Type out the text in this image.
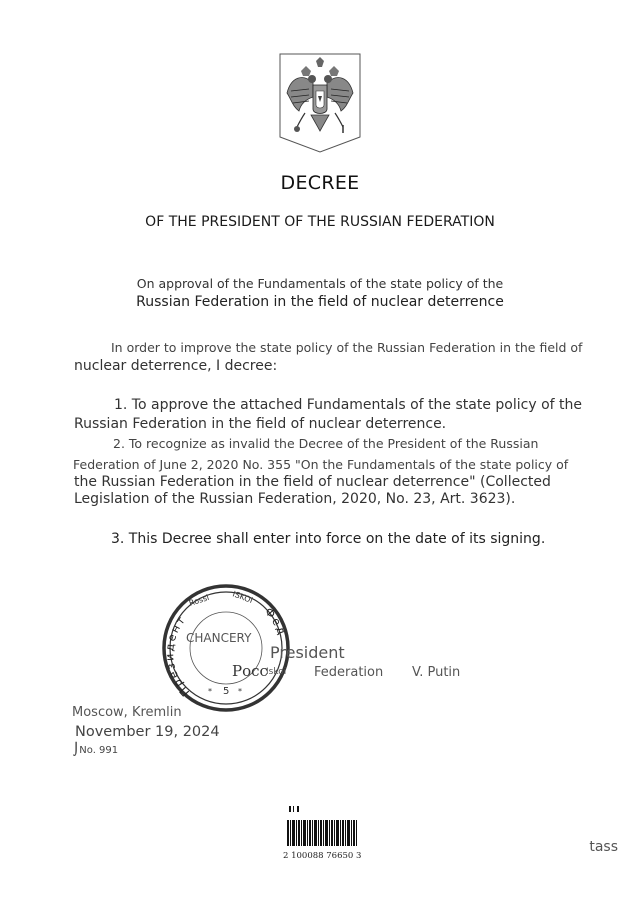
DECREE
OF THE PRESIDENT OF THE RUSSIAN FEDERATION
On approval of the Fundamentals of the state policy of the
Russian Federation in the field of nuclear deterrence
In order to improve the state policy of the Russian Federation in the field of
nuclear deterrence, I decree:
1. To approve the attached Fundamentals of the state policy of the
Russian Federation in the field of nuclear deterrence.
2. To recognize as invalid the Decree of the President of the Russian
Federation of June 2, 2020 No. 355 "On the Fundamentals of the state policy of
the Russian Federation in the field of nuclear deterrence" (Collected
Legislation of the Russian Federation, 2020, No. 23, Art. 3623).
3. This Decree shall enter into force on the date of its signing.
Президент	Фед
Rossi	ISKOI
CHANCERY
5
*	*
President
Росс
Iskoi Federation V. Putin
Moscow, Kremlin
November 19, 2024
⌡No. 991
2 100088 76650 3
tass
